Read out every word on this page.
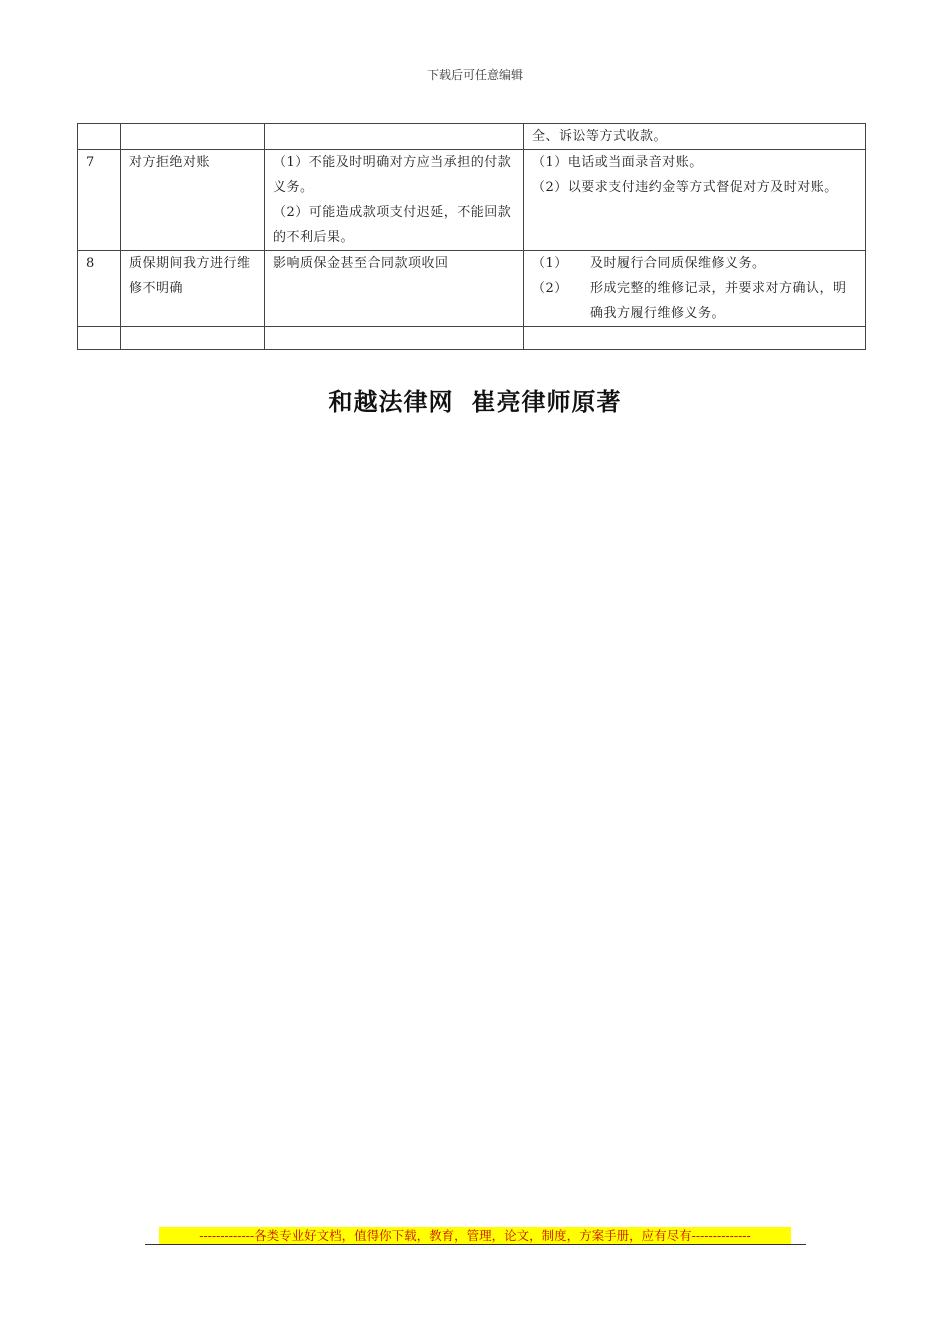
下载后可任意编辑

			全、诉讼等方式收款。

7	对方拒绝对账	（1）不能及时明确对方应当承担的付款义务。
（2）可能造成款项支付迟延，不能回款的不利后果。	（1）电话或当面录音对账。
（2）以要求支付违约金等方式督促对方及时对账。

8	质保期间我方进行维修不明确	影响质保金甚至合同款项收回	（1） 及时履行合同质保维修义务。
（2） 形成完整的维修记录，并要求对方确认，明确我方履行维修义务。

和越法律网 崔亮律师原著
-------------各类专业好文档，值得你下载，教育，管理，论文，制度，方案手册，应有尽有--------------
